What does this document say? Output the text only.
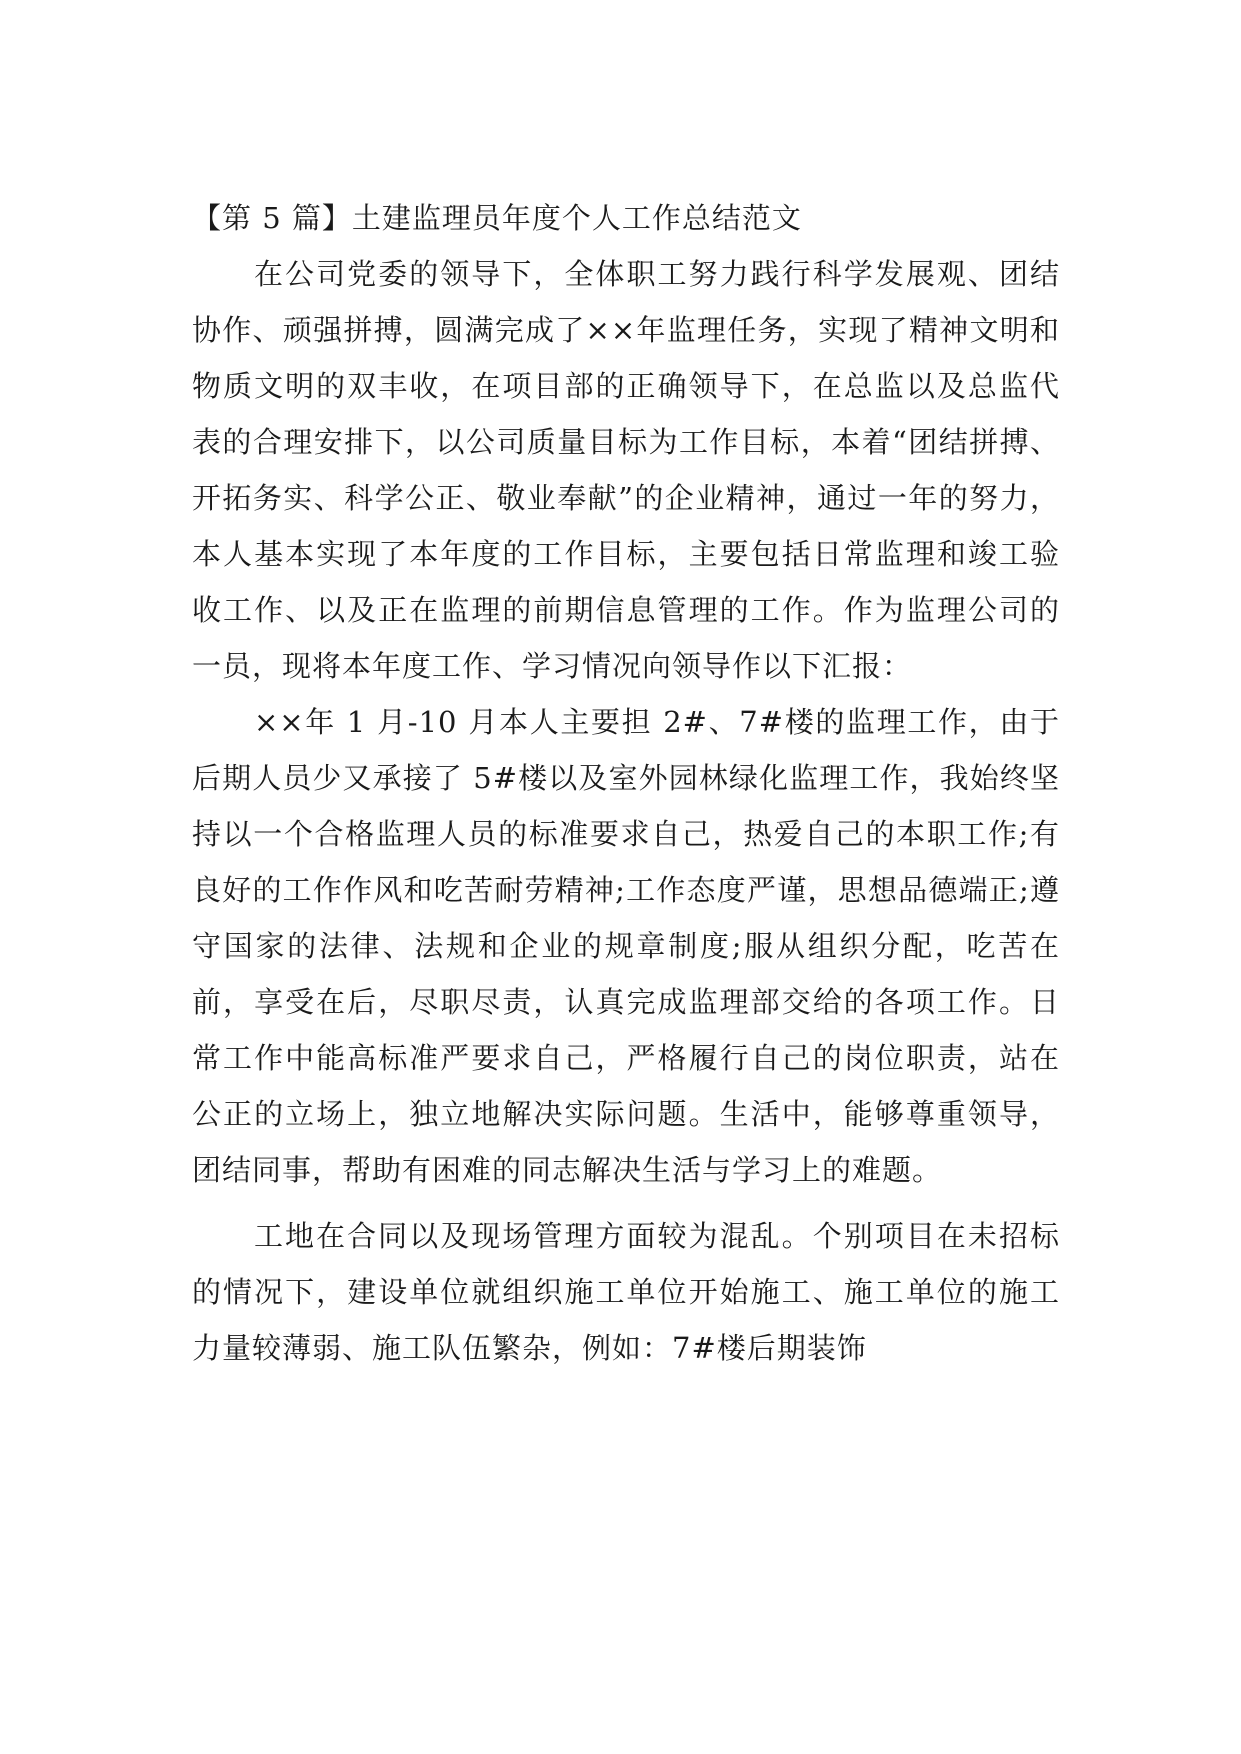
【第 5 篇】土建监理员年度个人工作总结范文

在公司党委的领导下，全体职工努力践行科学发展观、团结协作、顽强拼搏，圆满完成了××年监理任务，实现了精神文明和物质文明的双丰收，在项目部的正确领导下，在总监以及总监代表的合理安排下，以公司质量目标为工作目标，本着“团结拼搏、开拓务实、科学公正、敬业奉献”的企业精神，通过一年的努力，本人基本实现了本年度的工作目标，主要包括日常监理和竣工验收工作、以及正在监理的前期信息管理的工作。作为监理公司的一员，现将本年度工作、学习情况向领导作以下汇报：

××年 1 月-10 月本人主要担 2#、7#楼的监理工作，由于后期人员少又承接了 5#楼以及室外园林绿化监理工作，我始终坚持以一个合格监理人员的标准要求自己，热爱自己的本职工作;有良好的工作作风和吃苦耐劳精神;工作态度严谨，思想品德端正;遵守国家的法律、法规和企业的规章制度;服从组织分配，吃苦在前，享受在后，尽职尽责，认真完成监理部交给的各项工作。日常工作中能高标准严要求自己，严格履行自己的岗位职责，站在公正的立场上，独立地解决实际问题。生活中，能够尊重领导，团结同事，帮助有困难的同志解决生活与学习上的难题。

工地在合同以及现场管理方面较为混乱。个别项目在未招标的情况下，建设单位就组织施工单位开始施工、施工单位的施工力量较薄弱、施工队伍繁杂，例如：7#楼后期装饰
